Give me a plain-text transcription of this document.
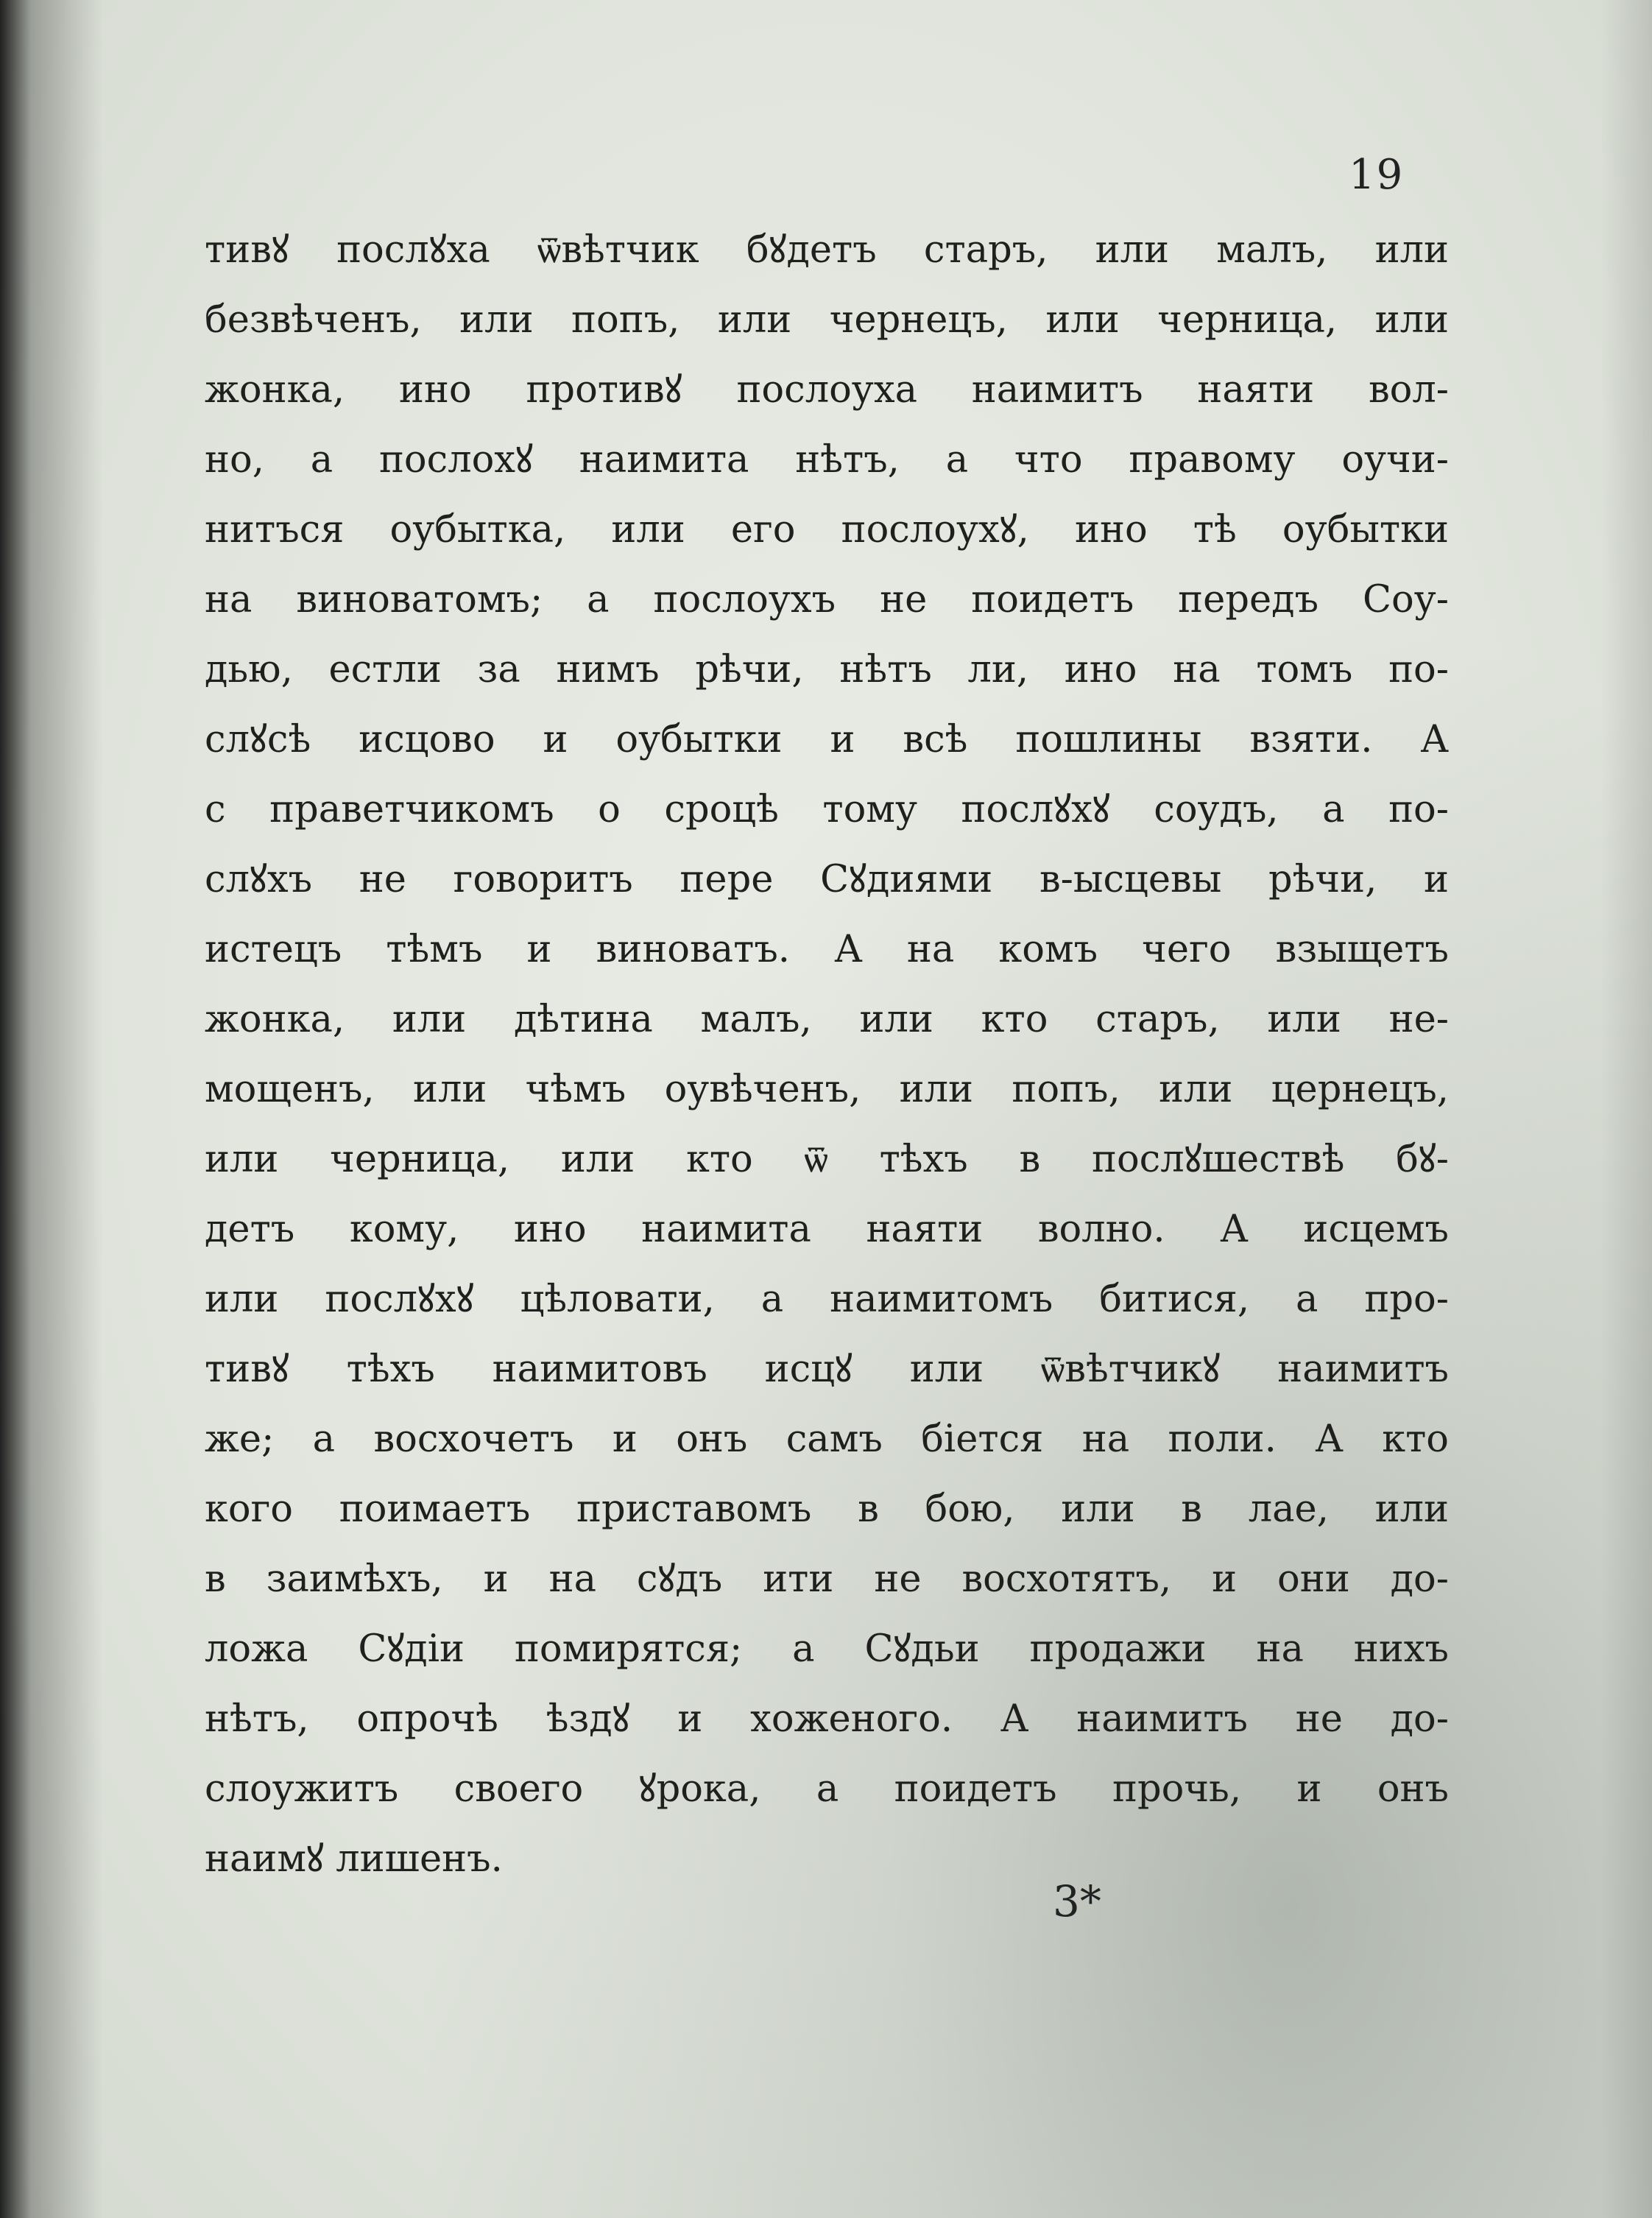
19
тивꙋ послꙋха ѿвѣтчик бꙋдетъ старъ, или малъ, или
безвѣченъ, или попъ, или чернецъ, или черница, или
жонка, ино противꙋ послоуха наимитъ наяти вол-
но, а послохꙋ наимита нѣтъ, а что правому оучи-
нитъся оубытка, или его послоухꙋ, ино тѣ оубытки
на виноватомъ; а послоухъ не поидетъ передъ Соу-
дью, естли за нимъ рѣчи, нѣтъ ли, ино на томъ по-
слꙋсѣ исцово и оубытки и всѣ пошлины взяти. А
с праветчикомъ о сроцѣ тому послꙋхꙋ соудъ, а по-
слꙋхъ не говоритъ пере Сꙋдиями в-ысцевы рѣчи, и
истецъ тѣмъ и виноватъ. А на комъ чего взыщетъ
жонка, или дѣтина малъ, или кто старъ, или не-
мощенъ, или чѣмъ оувѣченъ, или попъ, или цернецъ,
или черница, или кто ѿ тѣхъ в послꙋшествѣ бꙋ-
детъ кому, ино наимита наяти волно. А исцемъ
или послꙋхꙋ цѣловати, а наимитомъ битися, а про-
тивꙋ тѣхъ наимитовъ исцꙋ или ѿвѣтчикꙋ наимитъ
же; а восхочетъ и онъ самъ біется на поли. А кто
кого поимаетъ приставомъ в бою, или в лае, или
в заимѣхъ, и на сꙋдъ ити не восхотятъ, и они до-
ложа Сꙋдіи помирятся; а Сꙋдьи продажи на нихъ
нѣтъ, опрочѣ ѣздꙋ и хоженого. А наимитъ не до-
слоужитъ своего ꙋрока, а поидетъ прочь, и онъ
наимꙋ лишенъ.
3*
